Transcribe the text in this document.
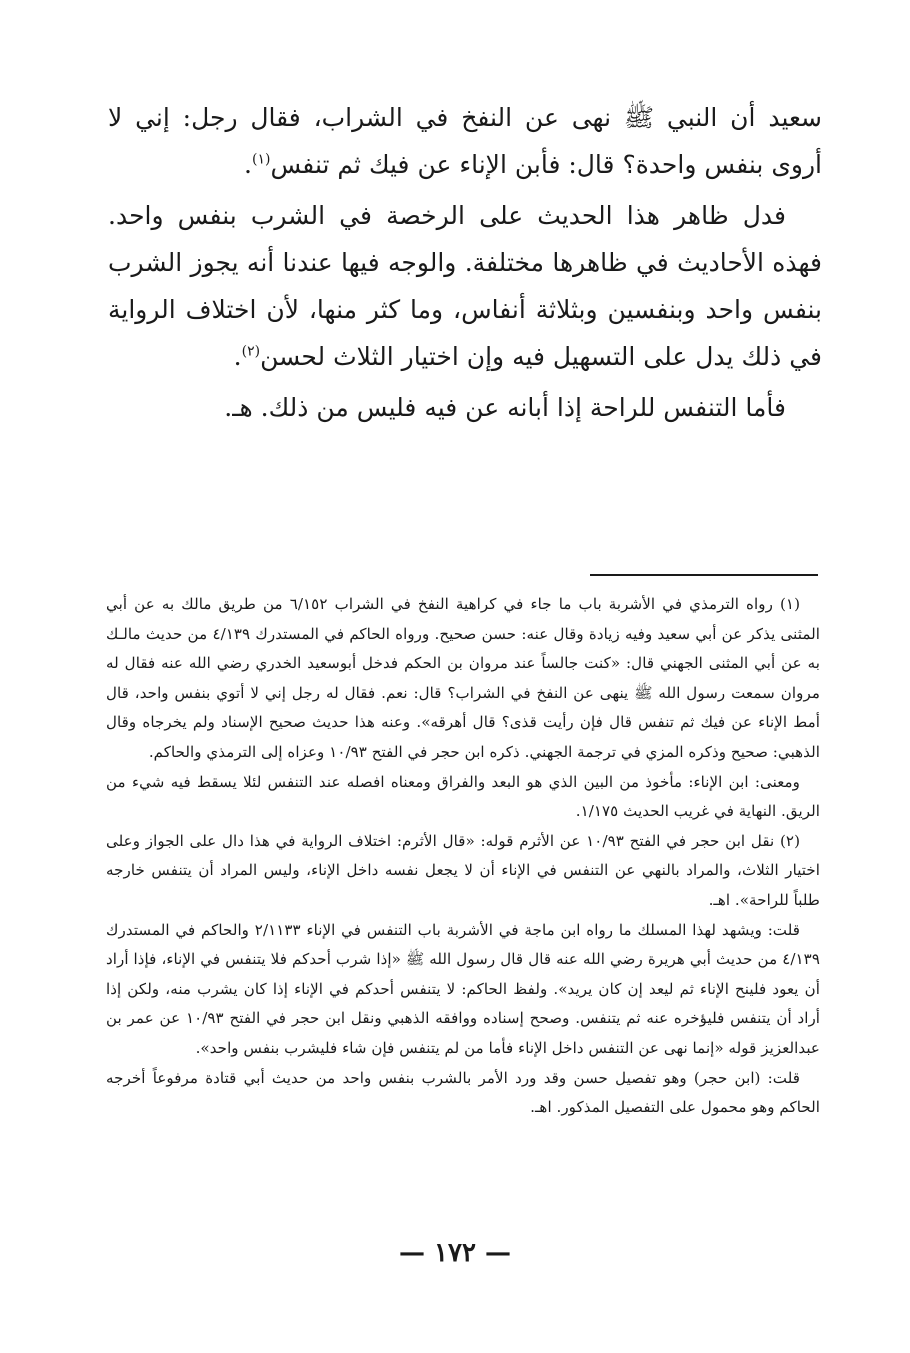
سعيد أن النبي ﷺ نهى عن النفخ في الشراب، فقال رجل: إني لا أروى بنفس واحدة؟ قال: فأبن الإناء عن فيك ثم تنفس$^{(١)}$.

فدل ظاهر هذا الحديث على الرخصة في الشرب بنفس واحد. فهذه الأحاديث في ظاهرها مختلفة. والوجه فيها عندنا أنه يجوز الشرب بنفس واحد وبنفسين وبثلاثة أنفاس، وما كثر منها، لأن اختلاف الرواية في ذلك يدل على التسهيل فيه وإن اختيار الثلاث لحسن$^{(٢)}$.

فأما التنفس للراحة إذا أبانه عن فيه فليس من ذلك. هـ.

(١) رواه الترمذي في الأشربة باب ما جاء في كراهية النفخ في الشراب ٦/١٥٢ من طريق مالك به عن أبي المثنى يذكر عن أبي سعيد وفيه زيادة وقال عنه: حسن صحيح. ورواه الحاكم في المستدرك ٤/١٣٩ من حديث مالـك به عن أبي المثنى الجهني قال: «كنت جالساً عند مروان بن الحكم فدخل أبوسعيد الخدري رضي الله عنه فقال له مروان سمعت رسول الله ﷺ ينهى عن النفخ في الشراب؟ قال: نعم. فقال له رجل إني لا أتوي بنفس واحد، قال أمط الإناء عن فيك ثم تنفس قال فإن رأيت قذى؟ قال أهرقه». وعنه هذا حديث صحيح الإسناد ولم يخرجاه وقال الذهبي: صحيح وذكره المزي في ترجمة الجهني. ذكره ابن حجر في الفتح ١٠/٩٣ وعزاه إلى الترمذي والحاكم.

ومعنى: ابن الإناء: مأخوذ من البين الذي هو البعد والفراق ومعناه افصله عند التنفس لئلا يسقط فيه شيء من الريق. النهاية في غريب الحديث ١/١٧٥.

(٢) نقل ابن حجر في الفتح ١٠/٩٣ عن الأثرم قوله: «قال الأثرم: اختلاف الرواية في هذا دال على الجواز وعلى اختيار الثلاث، والمراد بالنهي عن التنفس في الإناء أن لا يجعل نفسه داخل الإناء، وليس المراد أن يتنفس خارجه طلباً للراحة». اهـ.

قلت: ويشهد لهذا المسلك ما رواه ابن ماجة في الأشربة باب التنفس في الإناء ٢/١١٣٣ والحاكم في المستدرك ٤/١٣٩ من حديث أبي هريرة رضي الله عنه قال قال رسول الله ﷺ «إذا شرب أحدكم فلا يتنفس في الإناء، فإذا أراد أن يعود فلينح الإناء ثم ليعد إن كان يريد». ولفظ الحاكم: لا يتنفس أحدكم في الإناء إذا كان يشرب منه، ولكن إذا أراد أن يتنفس فليؤخره عنه ثم يتنفس. وصحح إسناده ووافقه الذهبي ونقل ابن حجر في الفتح ١٠/٩٣ عن عمر بن عبدالعزيز قوله «إنما نهى عن التنفس داخل الإناء فأما من لم يتنفس فإن شاء فليشرب بنفس واحد».

قلت: (ابن حجر) وهو تفصيل حسن وقد ورد الأمر بالشرب بنفس واحد من حديث أبي قتادة مرفوعاً أخرجه الحاكم وهو محمول على التفصيل المذكور. اهـ.

— ١٧٢ —
